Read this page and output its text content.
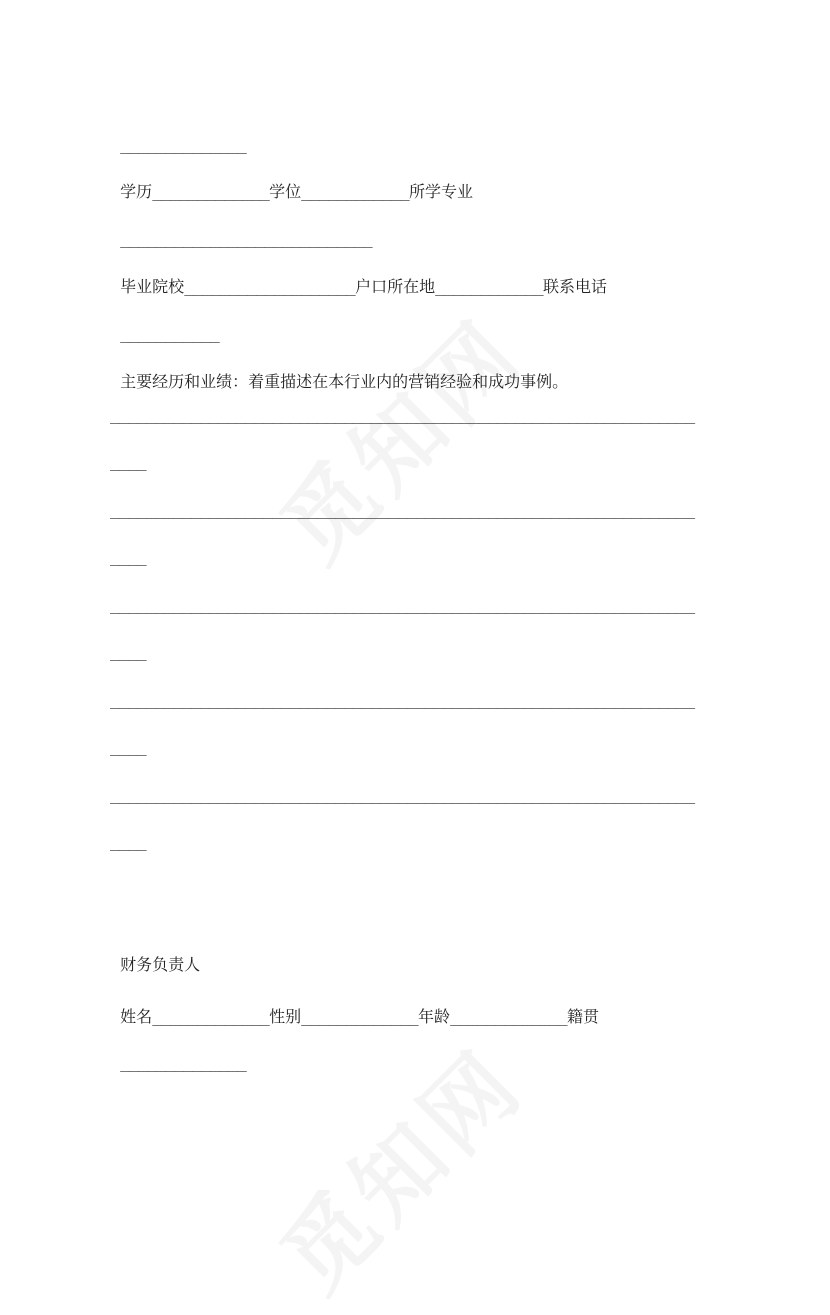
______________

学历_____________学位____________所学专业

____________________________

毕业院校___________________户口所在地____________联系电话

___________

主要经历和业绩：着重描述在本行业内的营销经验和成功事例。

_________________________________________________________________
____
_________________________________________________________________
____
_________________________________________________________________
____
_________________________________________________________________
____
_________________________________________________________________
____

财务负责人

姓名_____________性别_____________年龄_____________籍贯

______________
